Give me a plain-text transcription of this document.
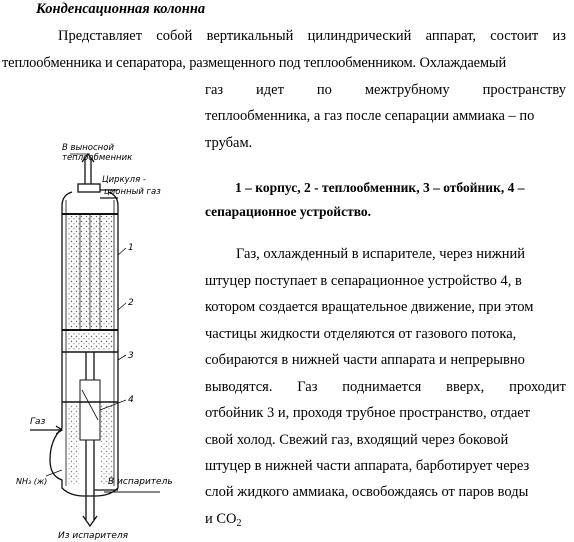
Конденсационная колонна
Представляет собой вертикальный цилиндрический аппарат, состоит из
теплообменника и сепаратора, размещенного под теплообменником. Охлаждаемый
газ идет по межтрубному пространству
теплообменника, а газ после сепарации аммиака – по
трубам.
1 – корпус, 2 - теплообменник, 3 – отбойник, 4 –
сепарационное устройство.
Газ, охлажденный в испарителе, через нижний
штуцер поступает в сепарационное устройство 4, в
котором создается вращательное движение, при этом
частицы жидкости отделяются от газового потока,
собираются в нижней части аппарата и непрерывно
выводятся. Газ поднимается вверх, проходит
отбойник 3 и, проходя трубное пространство, отдает
свой холод. Свежий газ, входящий через боковой
штуцер в нижней части аппарата, барботирует через
слой жидкого аммиака, освобождаясь от паров воды
и $CO_2$
В выносной
теплообменник
Циркуля -
ционный газ
1
2
3
4
Газ
В испаритель
NH₃ (ж)
Из испарителя
